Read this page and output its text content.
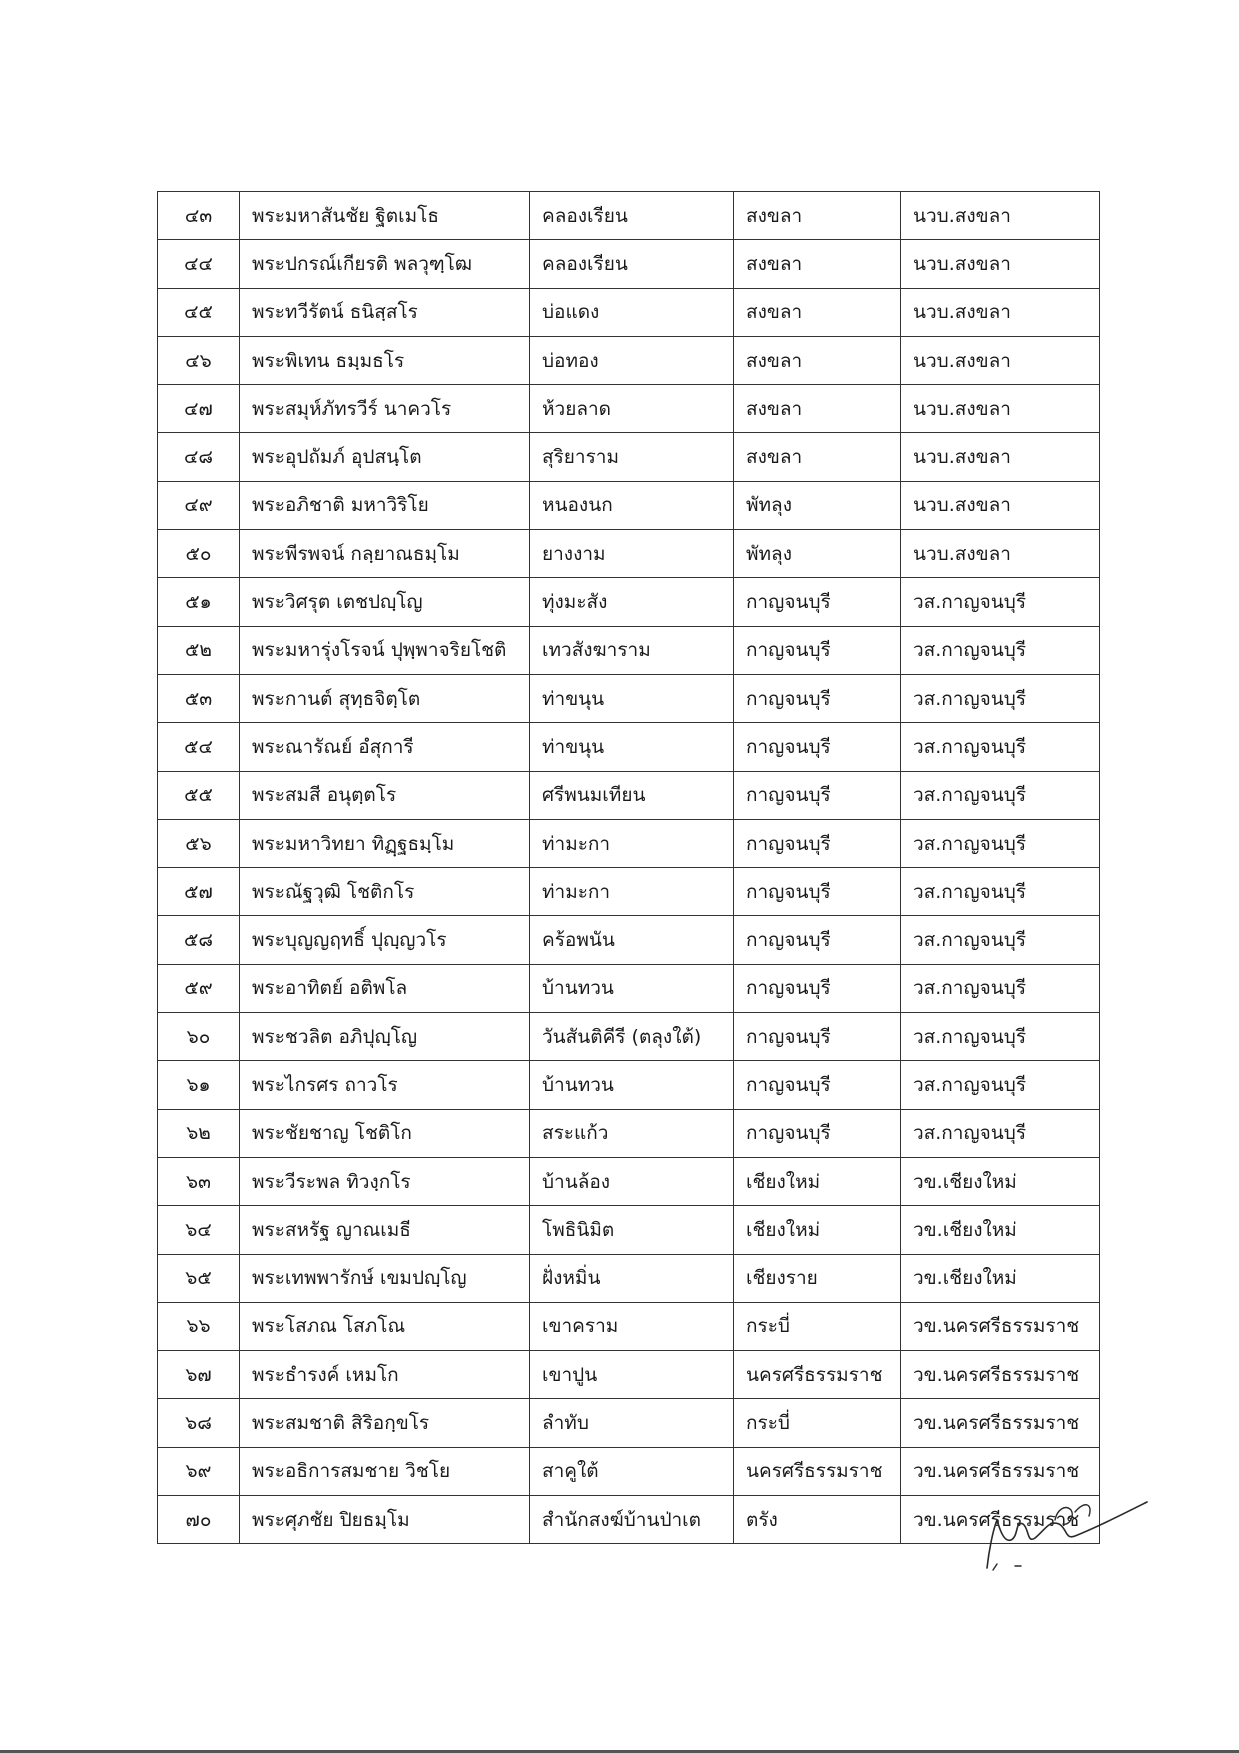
๔๓	พระมหาสันชัย ฐิตเมโธ	คลองเรียน	สงขลา	นวบ.สงขลา
๔๔	พระปกรณ์เกียรติ พลวุฑฺโฒ	คลองเรียน	สงขลา	นวบ.สงขลา
๔๕	พระทวีรัตน์ ธนิสฺสโร	บ่อแดง	สงขลา	นวบ.สงขลา
๔๖	พระพิเทน ธมฺมธโร	บ่อทอง	สงขลา	นวบ.สงขลา
๔๗	พระสมุห์ภัทรวีร์ นาควโร	ห้วยลาด	สงขลา	นวบ.สงขลา
๔๘	พระอุปถัมภ์ อุปสนฺโต	สุริยาราม	สงขลา	นวบ.สงขลา
๔๙	พระอภิชาติ มหาวิริโย	หนองนก	พัทลุง	นวบ.สงขลา
๕๐	พระพีรพจน์ กลฺยาณธมฺโม	ยางงาม	พัทลุง	นวบ.สงขลา
๕๑	พระวิศรุต เตชปญฺโญ	ทุ่งมะสัง	กาญจนบุรี	วส.กาญจนบุรี
๕๒	พระมหารุ่งโรจน์ ปุพฺพาจริยโชติ	เทวสังฆาราม	กาญจนบุรี	วส.กาญจนบุรี
๕๓	พระกานต์ สุทฺธจิตฺโต	ท่าขนุน	กาญจนบุรี	วส.กาญจนบุรี
๕๔	พระณารัณย์ อํสุการี	ท่าขนุน	กาญจนบุรี	วส.กาญจนบุรี
๕๕	พระสมสี อนุตฺตโร	ศรีพนมเทียน	กาญจนบุรี	วส.กาญจนบุรี
๕๖	พระมหาวิทยา ทิฏฺฐธมฺโม	ท่ามะกา	กาญจนบุรี	วส.กาญจนบุรี
๕๗	พระณัฐวุฒิ โชติกโร	ท่ามะกา	กาญจนบุรี	วส.กาญจนบุรี
๕๘	พระบุญญฤทธิ์ ปุญฺญวโร	คร้อพนัน	กาญจนบุรี	วส.กาญจนบุรี
๕๙	พระอาทิตย์ อติพโล	บ้านทวน	กาญจนบุรี	วส.กาญจนบุรี
๖๐	พระชวลิต อภิปุญฺโญ	วันสันติคีรี (ตลุงใต้)	กาญจนบุรี	วส.กาญจนบุรี
๖๑	พระไกรศร ถาวโร	บ้านทวน	กาญจนบุรี	วส.กาญจนบุรี
๖๒	พระชัยชาญ โชติโก	สระแก้ว	กาญจนบุรี	วส.กาญจนบุรี
๖๓	พระวีระพล ทิวงฺกโร	บ้านล้อง	เชียงใหม่	วข.เชียงใหม่
๖๔	พระสหรัฐ ญาณเมธี	โพธินิมิต	เชียงใหม่	วข.เชียงใหม่
๖๕	พระเทพพารักษ์ เขมปญฺโญ	ฝั่งหมิ่น	เชียงราย	วข.เชียงใหม่
๖๖	พระโสภณ โสภโณ	เขาคราม	กระบี่	วข.นครศรีธรรมราช
๖๗	พระธำรงค์ เหมโก	เขาปูน	นครศรีธรรมราช	วข.นครศรีธรรมราช
๖๘	พระสมชาติ สิริอกฺขโร	ลำทับ	กระบี่	วข.นครศรีธรรมราช
๖๙	พระอธิการสมชาย วิชโย	สาคูใต้	นครศรีธรรมราช	วข.นครศรีธรรมราช
๗๐	พระศุภชัย ปิยธมฺโม	สำนักสงฆ์บ้านป่าเต	ตรัง	วข.นครศรีธรรมราช
